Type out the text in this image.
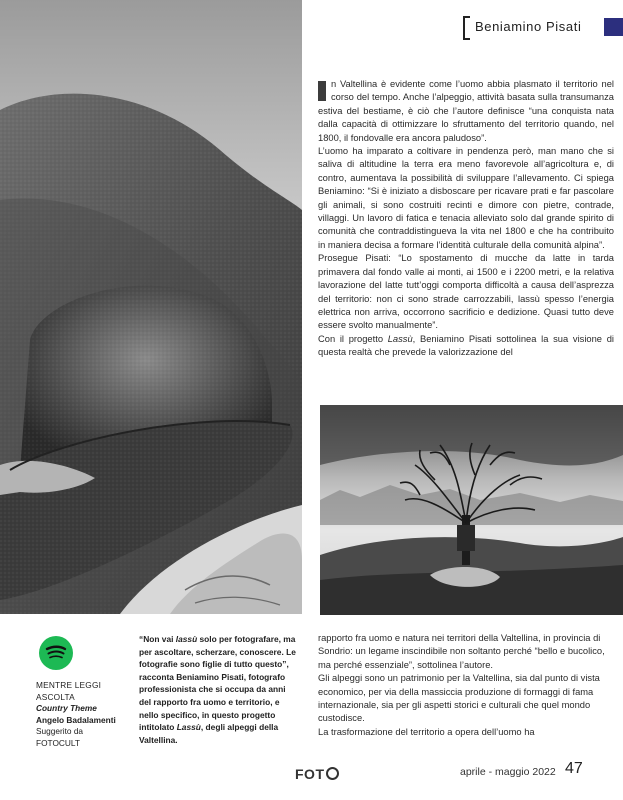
Beniamino Pisati

n Valtellina è evidente come l’uomo abbia plasmato il territorio nel corso del tempo. Anche l’alpeggio, attività basata sulla transumanza estiva del bestiame, è ciò che l’autore definisce “una conquista nata dalla capacità di ottimizzare lo sfruttamento del territorio quando, nel 1800, il fondovalle era ancora paludoso”.

L’uomo ha imparato a coltivare in pendenza però, man mano che si saliva di altitudine la terra era meno favorevole all’agricoltura e, di contro, aumentava la possibilità di sviluppare l’allevamento. Ci spiega Beniamino: “Si è iniziato a disboscare per ricavare prati e far pascolare gli animali, si sono costruiti recinti e dimore con pietre, contrade, villaggi. Un lavoro di fatica e tenacia alleviato solo dal grande spirito di comunità che contraddistingueva la vita nel 1800 e che ha contribuito in maniera decisa a formare l’identità culturale della comunità alpina”.

Prosegue Pisati: “Lo spostamento di mucche da latte in tarda primavera dal fondo valle ai monti, ai 1500 e i 2200 metri, e la relativa lavorazione del latte tutt’oggi comporta difficoltà a causa dell’asprezza del territorio: non ci sono strade carrozzabili, lassù spesso l’energia elettrica non arriva, occorrono sacrificio e dedizione. Quasi tutto deve essere svolto manualmente”.

Con il progetto Lassù, Beniamino Pisati sottolinea la sua visione di questa realtà che prevede la valorizzazione del

rapporto fra uomo e natura nei territori della Valtellina, in provincia di Sondrio: un legame inscindibile non soltanto perché “bello e bucolico, ma perché essenziale”, sottolinea l’autore.

Gli alpeggi sono un patrimonio per la Valtellina, sia dal punto di vista economico, per via della massiccia produzione di formaggi di fama internazionale, sia per gli aspetti storici e culturali che quel mondo custodisce.

La trasformazione del territorio a opera dell’uomo ha

MENTRE LEGGI ASCOLTA
Country Theme
Angelo Badalamenti
Suggerito da FOTOCULT
“Non vai lassù solo per fotografare, ma per ascoltare, scherzare, conoscere. Le fotografie sono figlie di tutto questo”, racconta Beniamino Pisati, fotografo professionista che si occupa da anni del rapporto fra uomo e territorio, e nello specifico, in questo progetto intitolato Lassù, degli alpeggi della Valtellina.
FOT	aprile - maggio 2022 47
